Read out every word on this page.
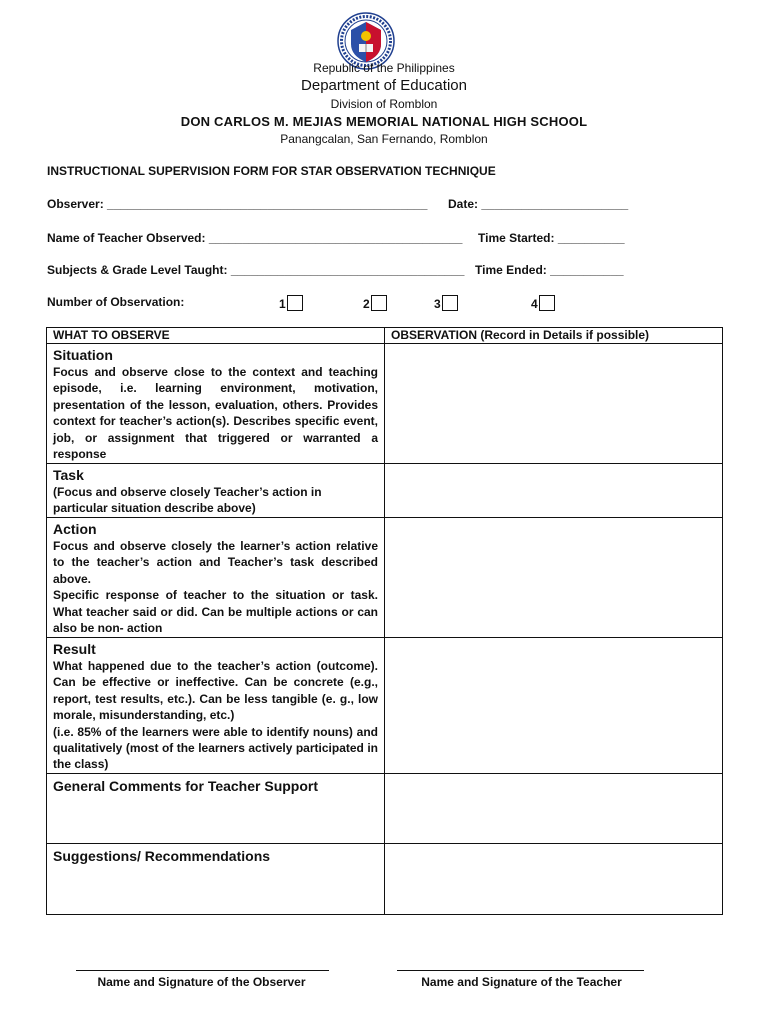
Republic of the Philippines
Department of Education
Division of Romblon
DON CARLOS M. MEJIAS MEMORIAL NATIONAL HIGH SCHOOL
Panangcalan, San Fernando, Romblon
INSTRUCTIONAL SUPERVISION FORM FOR STAR OBSERVATION TECHNIQUE
Observer: ________________________________________________ Date: ______________________
Name of Teacher Observed: ______________________________________ Time Started: __________
Subjects & Grade Level Taught: ___________________________________ Time Ended: ___________
Number of Observation:	1	2	3	4
WHAT TO OBSERVE	OBSERVATION (Record in Details if possible)

Situation
Focus and observe close to the context and teaching episode, i.e. learning environment, motivation, presentation of the lesson, evaluation, others. Provides context for teacher’s action(s). Describes specific event, job, or assignment that triggered or warranted a response	

Task
(Focus and observe closely Teacher’s action in particular situation describe above)	

Action
Focus and observe closely the learner’s action relative to the teacher’s action and Teacher’s task described above.
Specific response of teacher to the situation or task. What teacher said or did. Can be multiple actions or can also be non- action	

Result
What happened due to the teacher’s action (outcome). Can be effective or ineffective. Can be concrete (e.g., report, test results, etc.). Can be less tangible (e. g., low morale, misunderstanding, etc.)
(i.e. 85% of the learners were able to identify nouns) and qualitatively (most of the learners actively participated in the class)	

General Comments for Teacher Support	

Suggestions/ Recommendations	

Name and Signature of the Observer	Name and Signature of the Teacher
